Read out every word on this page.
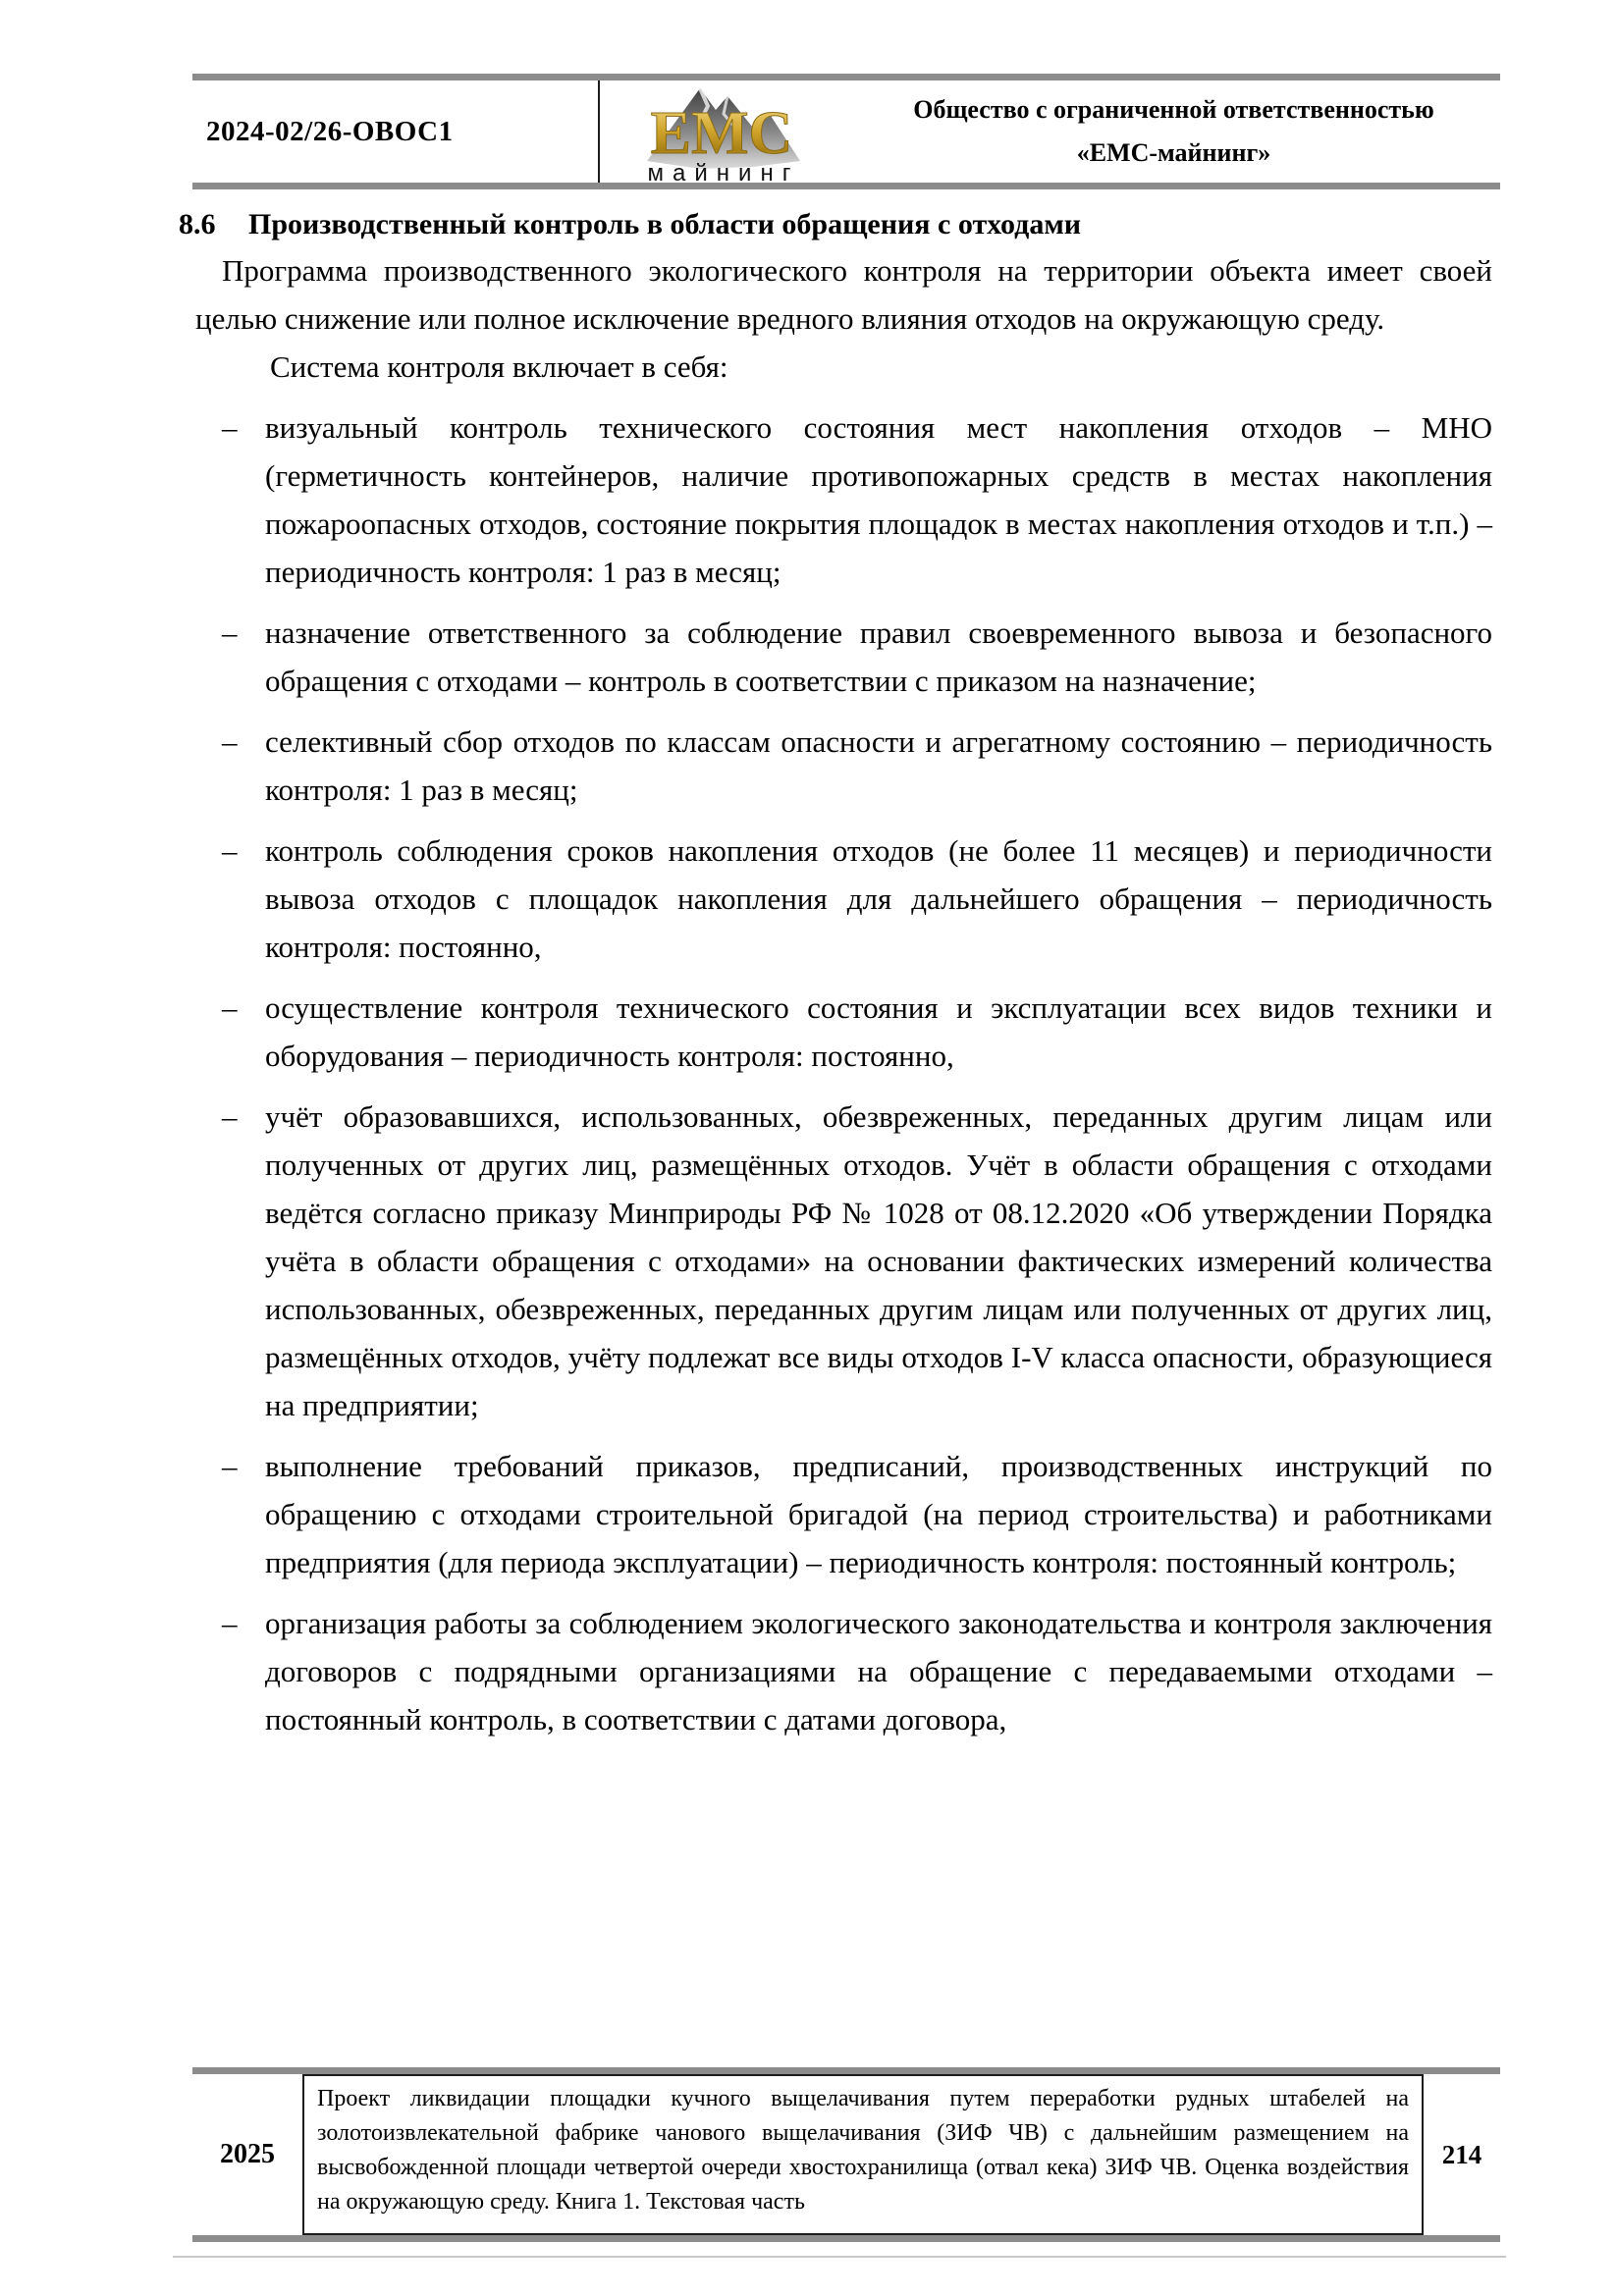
2024-02/26-ОВОС1	ЕМС
майнинг
Общество с ограниченной ответственностью
«ЕМС-майнинг»
8.6 Производственный контроль в области обращения с отходами

Программа производственного экологического контроля на территории объекта имеет своей целью снижение или полное исключение вредного влияния отходов на окружающую среду.

Система контроля включает в себя:

– визуальный контроль технического состояния мест накопления отходов – МНО (герметичность контейнеров, наличие противопожарных средств в местах накопления пожароопасных отходов, состояние покрытия площадок в местах накопления отходов и т.п.) – периодичность контроля: 1 раз в месяц;
– назначение ответственного за соблюдение правил своевременного вывоза и безопасного обращения с отходами – контроль в соответствии с приказом на назначение;
– селективный сбор отходов по классам опасности и агрегатному состоянию – периодичность контроля: 1 раз в месяц;
– контроль соблюдения сроков накопления отходов (не более 11 месяцев) и периодичности вывоза отходов с площадок накопления для дальнейшего обращения – периодичность контроля: постоянно,
– осуществление контроля технического состояния и эксплуатации всех видов техники и оборудования – периодичность контроля: постоянно,
– учёт образовавшихся, использованных, обезвреженных, переданных другим лицам или полученных от других лиц, размещённых отходов. Учёт в области обращения с отходами ведётся согласно приказу Минприроды РФ № 1028 от 08.12.2020 «Об утверждении Порядка учёта в области обращения с отходами» на основании фактических измерений количества использованных, обезвреженных, переданных другим лицам или полученных от других лиц, размещённых отходов, учёту подлежат все виды отходов I-V класса опасности, образующиеся на предприятии;
– выполнение требований приказов, предписаний, производственных инструкций по обращению с отходами строительной бригадой (на период строительства) и работниками предприятия (для периода эксплуатации) – периодичность контроля: постоянный контроль;
– организация работы за соблюдением экологического законодательства и контроля заключения договоров с подрядными организациями на обращение с передаваемыми отходами – постоянный контроль, в соответствии с датами договора,
2025
Проект ликвидации площадки кучного выщелачивания путем переработки рудных штабелей на золотоизвлекательной фабрике чанового выщелачивания (ЗИФ ЧВ) с дальнейшим размещением на высвобожденной площади четвертой очереди хвостохранилища (отвал кека) ЗИФ ЧВ. Оценка воздействия на окружающую среду. Книга 1. Текстовая часть
214
